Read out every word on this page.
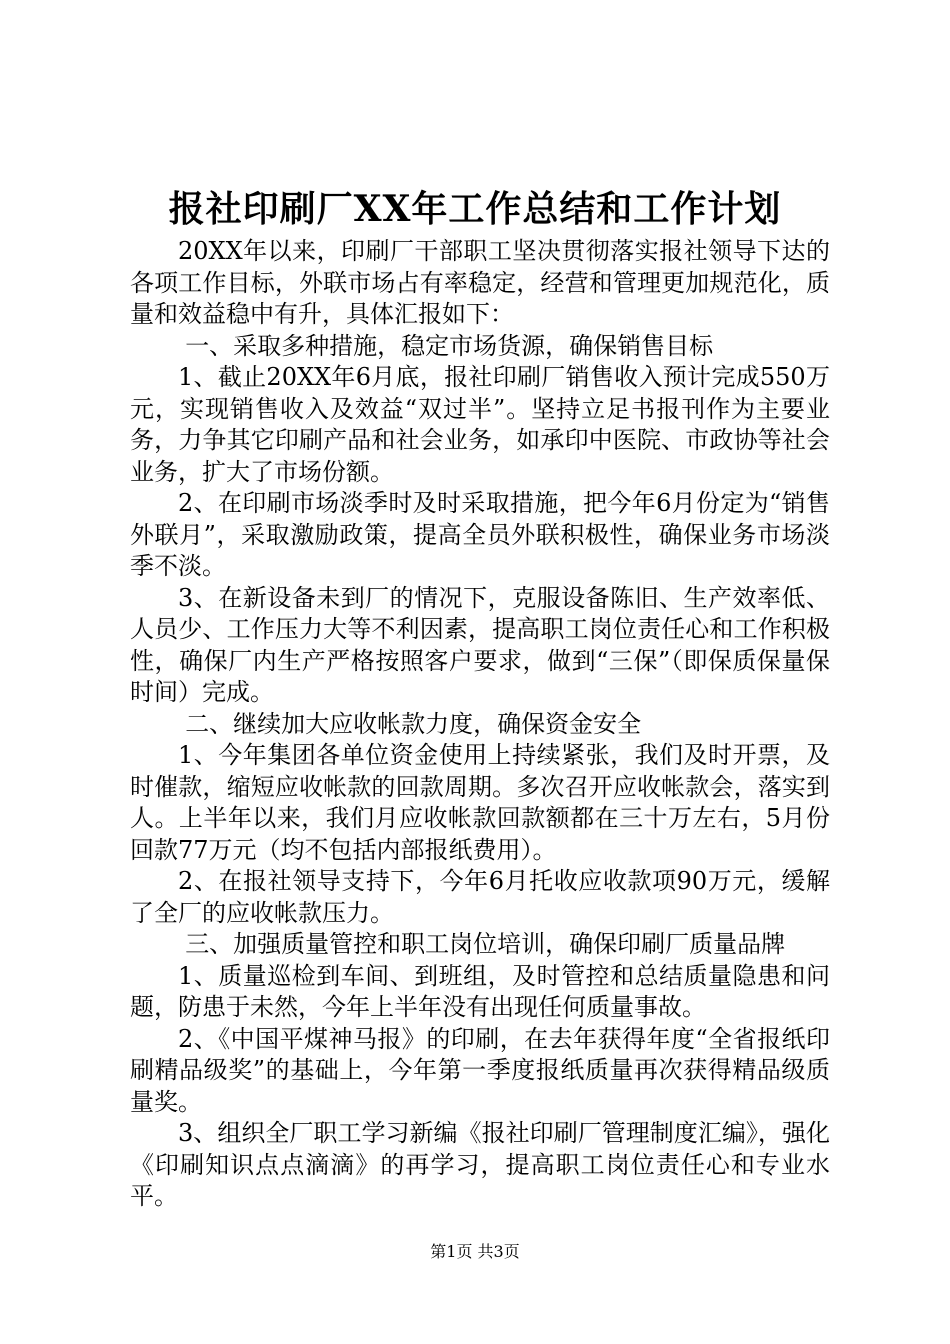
报社印刷厂XX年工作总结和工作计划

20XX年以来，印刷厂干部职工坚决贯彻落实报社领导下达的各项工作目标，外联市场占有率稳定，经营和管理更加规范化，质量和效益稳中有升，具体汇报如下：

一、采取多种措施，稳定市场货源，确保销售目标

1、截止20XX年6月底，报社印刷厂销售收入预计完成550万元，实现销售收入及效益“双过半”。坚持立足书报刊作为主要业务，力争其它印刷产品和社会业务，如承印中医院、市政协等社会业务，扩大了市场份额。

2、在印刷市场淡季时及时采取措施，把今年6月份定为“销售外联月”，采取激励政策，提高全员外联积极性，确保业务市场淡季不淡。

3、在新设备未到厂的情况下，克服设备陈旧、生产效率低、人员少、工作压力大等不利因素，提高职工岗位责任心和工作积极性，确保厂内生产严格按照客户要求，做到“三保”（即保质保量保时间）完成。

二、继续加大应收帐款力度，确保资金安全

1、今年集团各单位资金使用上持续紧张，我们及时开票，及时催款，缩短应收帐款的回款周期。多次召开应收帐款会，落实到人。上半年以来，我们月应收帐款回款额都在三十万左右，5月份回款77万元（均不包括内部报纸费用）。

2、在报社领导支持下，今年6月托收应收款项90万元，缓解了全厂的应收帐款压力。

三、加强质量管控和职工岗位培训，确保印刷厂质量品牌

1、质量巡检到车间、到班组，及时管控和总结质量隐患和问题，防患于未然，今年上半年没有出现任何质量事故。

2、《中国平煤神马报》的印刷，在去年获得年度“全省报纸印刷精品级奖”的基础上，今年第一季度报纸质量再次获得精品级质量奖。

3、组织全厂职工学习新编《报社印刷厂管理制度汇编》，强化《印刷知识点点滴滴》的再学习，提高职工岗位责任心和专业水平。

第1页 共3页
